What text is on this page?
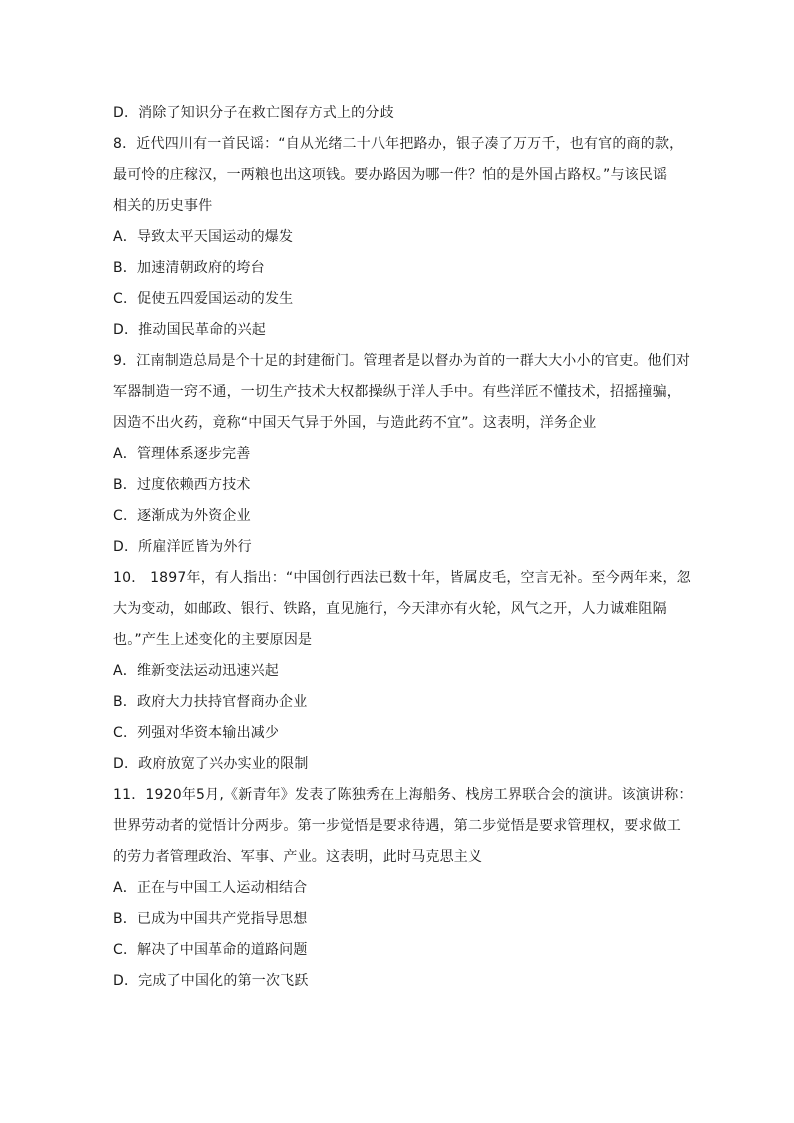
D．消除了知识分子在救亡图存方式上的分歧
8．近代四川有一首民谣：“自从光绪二十八年把路办，银子凑了万万千，也有官的商的款，
最可怜的庄稼汉，一两粮也出这项钱。要办路因为哪一件？怕的是外国占路权。”与该民谣
相关的历史事件
A．导致太平天国运动的爆发
B．加速清朝政府的垮台
C．促使五四爱国运动的发生
D．推动国民革命的兴起
9．江南制造总局是个十足的封建衙门。管理者是以督办为首的一群大大小小的官吏。他们对
军器制造一窍不通，一切生产技术大权都操纵于洋人手中。有些洋匠不懂技术，招摇撞骗，
因造不出火药，竟称“中国天气异于外国，与造此药不宜”。这表明，洋务企业
A．管理体系逐步完善
B．过度依赖西方技术
C．逐渐成为外资企业
D．所雇洋匠皆为外行
10． 1897年，有人指出：“中国创行西法已数十年，皆属皮毛，空言无补。至今两年来，忽
大为变动，如邮政、银行、铁路，直见施行，今天津亦有火轮，风气之开，人力诚难阻隔
也。”产生上述变化的主要原因是
A．维新变法运动迅速兴起
B．政府大力扶持官督商办企业
C．列强对华资本输出减少
D．政府放宽了兴办实业的限制
11．1920年5月,《新青年》发表了陈独秀在上海船务、栈房工界联合会的演讲。该演讲称：
世界劳动者的觉悟计分两步。第一步觉悟是要求待遇，第二步觉悟是要求管理权，要求做工
的劳力者管理政治、军事、产业。这表明，此时马克思主义
A．正在与中国工人运动相结合
B．已成为中国共产党指导思想
C．解决了中国革命的道路问题
D．完成了中国化的第一次飞跃
